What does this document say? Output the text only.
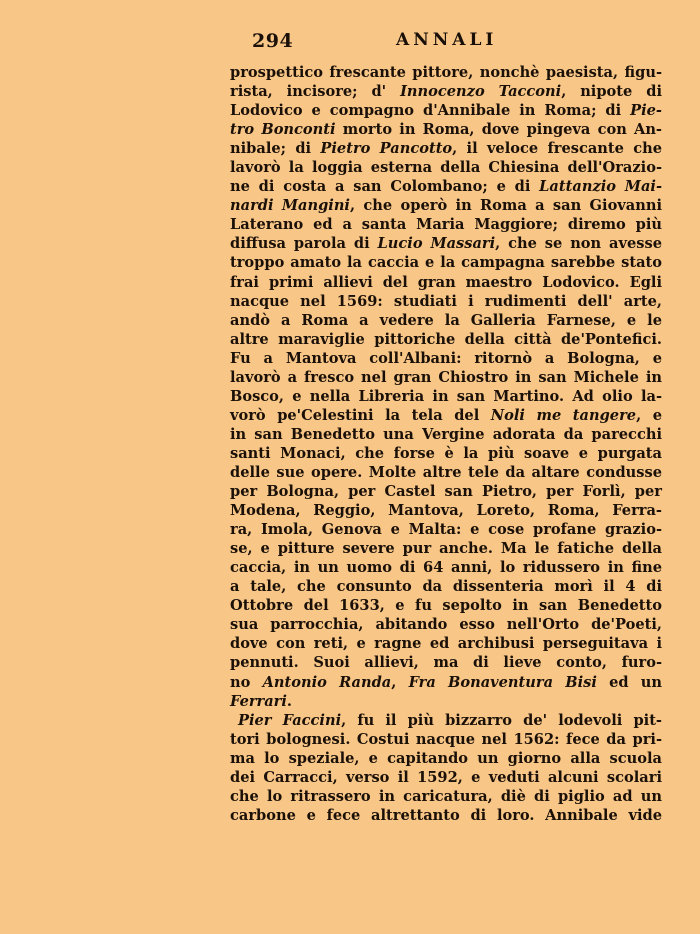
294	ANNALI
prospettico frescante pittore, nonchè paesista, figu-
rista, incisore; d' Innocenzo Tacconi, nipote di
Lodovico e compagno d'Annibale in Roma; di Pie-
tro Bonconti morto in Roma, dove pingeva con An-
nibale; di Pietro Pancotto, il veloce frescante che
lavorò la loggia esterna della Chiesina dell'Orazio-
ne di costa a san Colombano; e di Lattanzio Mai-
nardi Mangini, che operò in Roma a san Giovanni
Laterano ed a santa Maria Maggiore; diremo più
diffusa parola di Lucio Massari, che se non avesse
troppo amato la caccia e la campagna sarebbe stato
frai primi allievi del gran maestro Lodovico. Egli
nacque nel 1569: studiati i rudimenti dell' arte,
andò a Roma a vedere la Galleria Farnese, e le
altre maraviglie pittoriche della città de'Pontefici.
Fu a Mantova coll'Albani: ritornò a Bologna, e
lavorò a fresco nel gran Chiostro in san Michele in
Bosco, e nella Libreria in san Martino. Ad olio la-
vorò pe'Celestini la tela del Noli me tangere, e
in san Benedetto una Vergine adorata da parecchi
santi Monaci, che forse è la più soave e purgata
delle sue opere. Molte altre tele da altare condusse
per Bologna, per Castel san Pietro, per Forlì, per
Modena, Reggio, Mantova, Loreto, Roma, Ferra-
ra, Imola, Genova e Malta: e cose profane grazio-
se, e pitture severe pur anche. Ma le fatiche della
caccia, in un uomo di 64 anni, lo ridussero in fine
a tale, che consunto da dissenteria morì il 4 di
Ottobre del 1633, e fu sepolto in san Benedetto
sua parrocchia, abitando esso nell'Orto de'Poeti,
dove con reti, e ragne ed archibusi perseguitava i
pennuti. Suoi allievi, ma di lieve conto, furo-
no Antonio Randa, Fra Bonaventura Bisi ed un
Ferrari.
Pier Faccini, fu il più bizzarro de' lodevoli pit-
tori bolognesi. Costui nacque nel 1562: fece da pri-
ma lo speziale, e capitando un giorno alla scuola
dei Carracci, verso il 1592, e veduti alcuni scolari
che lo ritrassero in caricatura, diè di piglio ad un
carbone e fece altrettanto di loro. Annibale vide
